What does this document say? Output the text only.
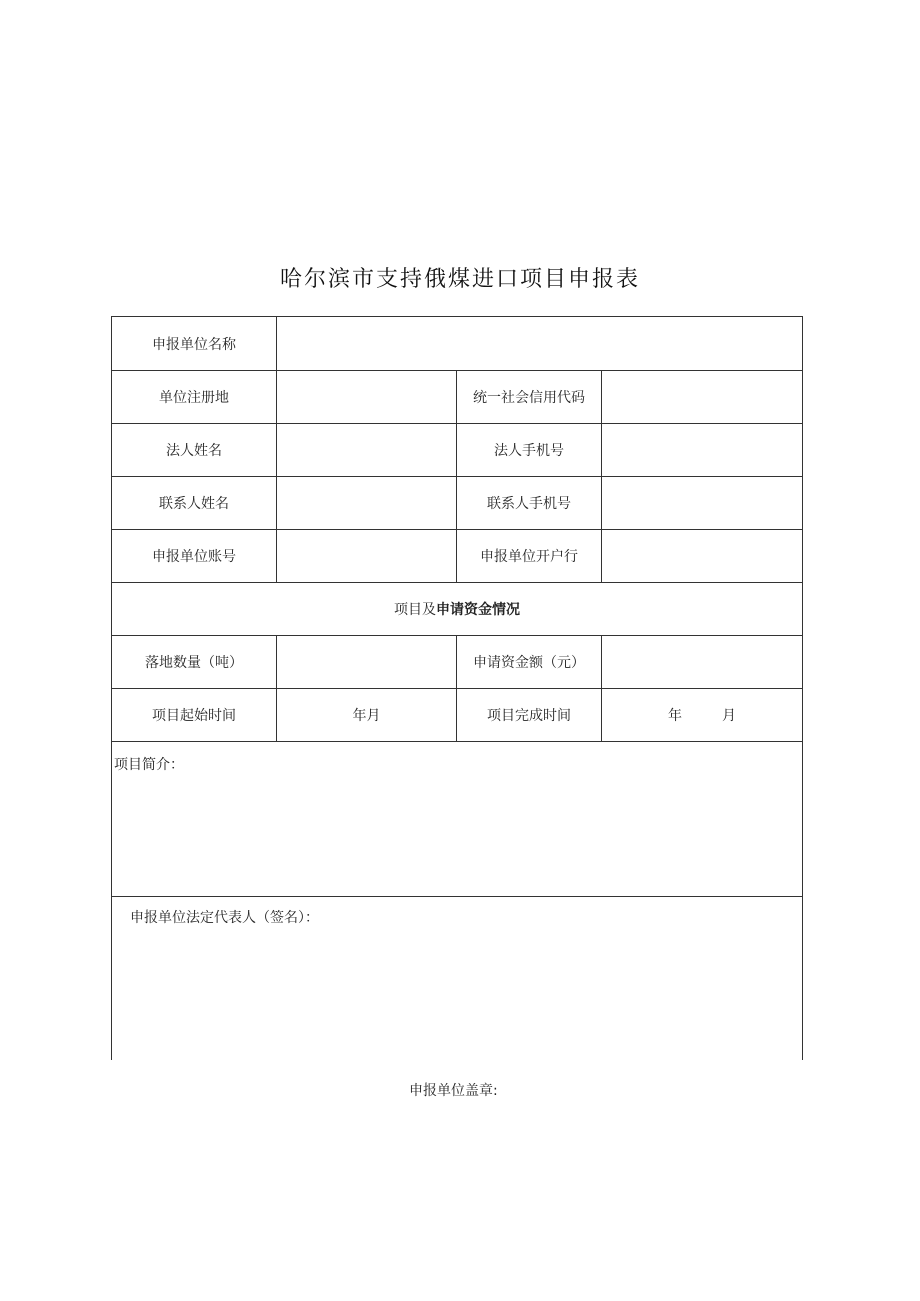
哈尔滨市支持俄煤进口项目申报表
申报单位名称			
单位注册地		统一社会信用代码	
法人姓名		法人手机号	
联系人姓名		联系人手机号	
申报单位账号		申报单位开户行	
项目及申请资金情况			
落地数量（吨）		申请资金额（元）	
项目起始时间	年月	项目完成时间	年 月

项目简介：			

申报单位法定代表人（签名）：			
申报单位盖章:
